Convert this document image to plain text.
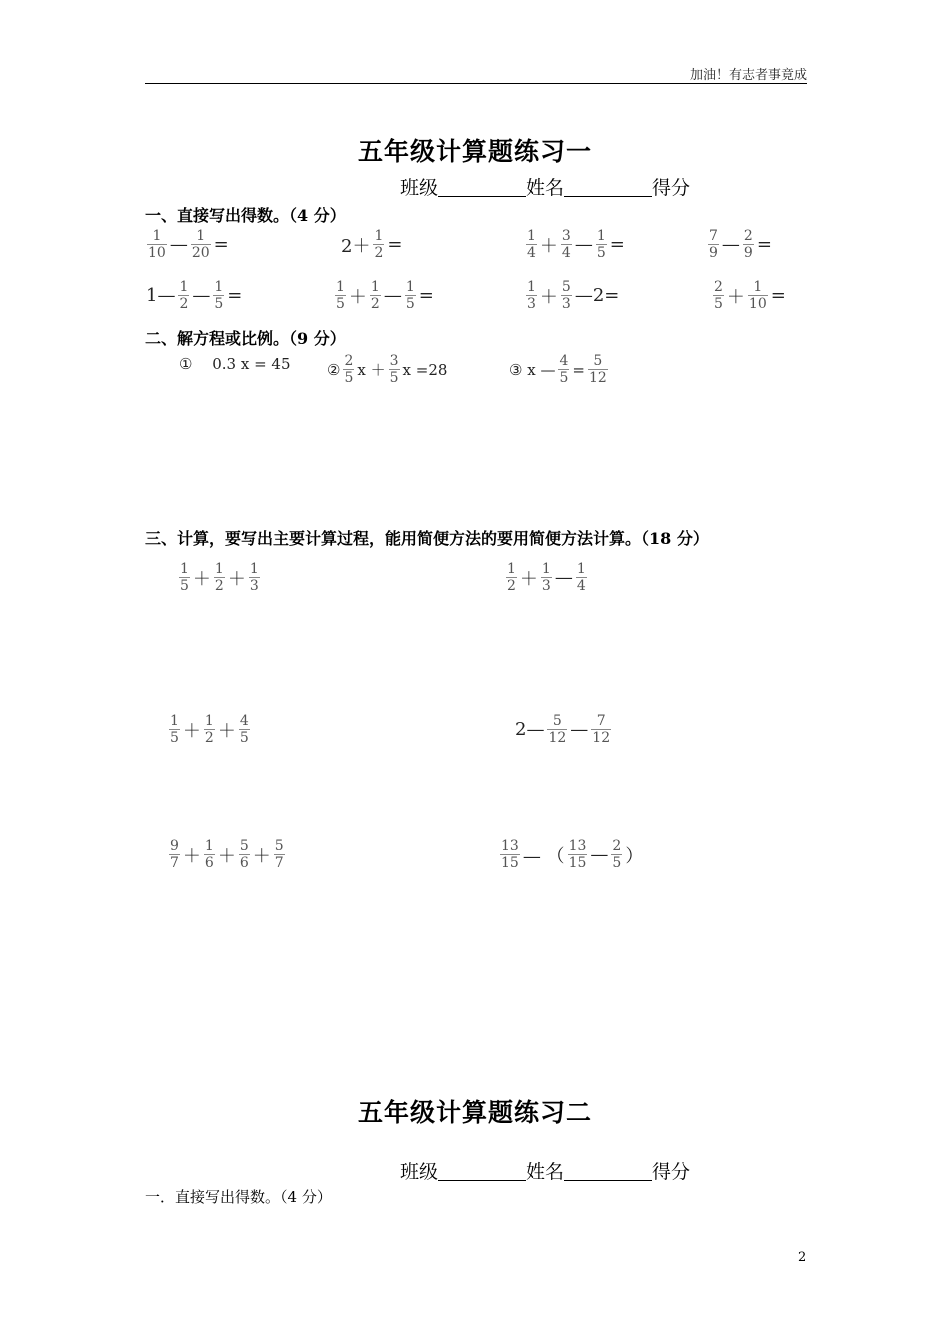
加油！有志者事竟成
五年级计算题练习一
班级	姓名	得分
一、直接写出得数。（4 分）
$\frac{1}{10}$ — $\frac{1}{20}$ =	$2+ \frac{1}{2}$ =	$\frac{1}{4} + \frac{3}{4}$ — $\frac{1}{5}$ =	$\frac{7}{9}$ — $\frac{2}{9}$ =
1— $\frac{1}{2}$ — $\frac{1}{5}$ =	$\frac{1}{5} + \frac{1}{2}$ — $\frac{1}{5}$ =	$\frac{1}{3} + \frac{5}{3}$ —2=	$\frac{2}{5} + \frac{1}{10}$ =
二、解方程或比例。（9 分）
①　 0.3 x = 45 ② $\frac{2}{5}$ $x + \frac{3}{5}$ x =28	③ x — $\frac{4}{5} = \frac{5}{12}$
三、计算，要写出主要计算过程，能用简便方法的要用简便方法计算。（18 分）
$\frac{1}{5} + \frac{1}{2} + \frac{1}{3}$	$\frac{1}{2} + \frac{1}{3}$ — $\frac{1}{4}$
$\frac{1}{5} + \frac{1}{2} + \frac{4}{5}$	2— $\frac{5}{12}$ — $\frac{7}{12}$
$\frac{9}{7} + \frac{1}{6} + \frac{5}{6} + \frac{5}{7}$	$\frac{13}{15}$ — （ $\frac{13}{15}$ — $\frac{2}{5}$ ）
五年级计算题练习二
班级	姓名	得分
一．直接写出得数。（4 分）
2
